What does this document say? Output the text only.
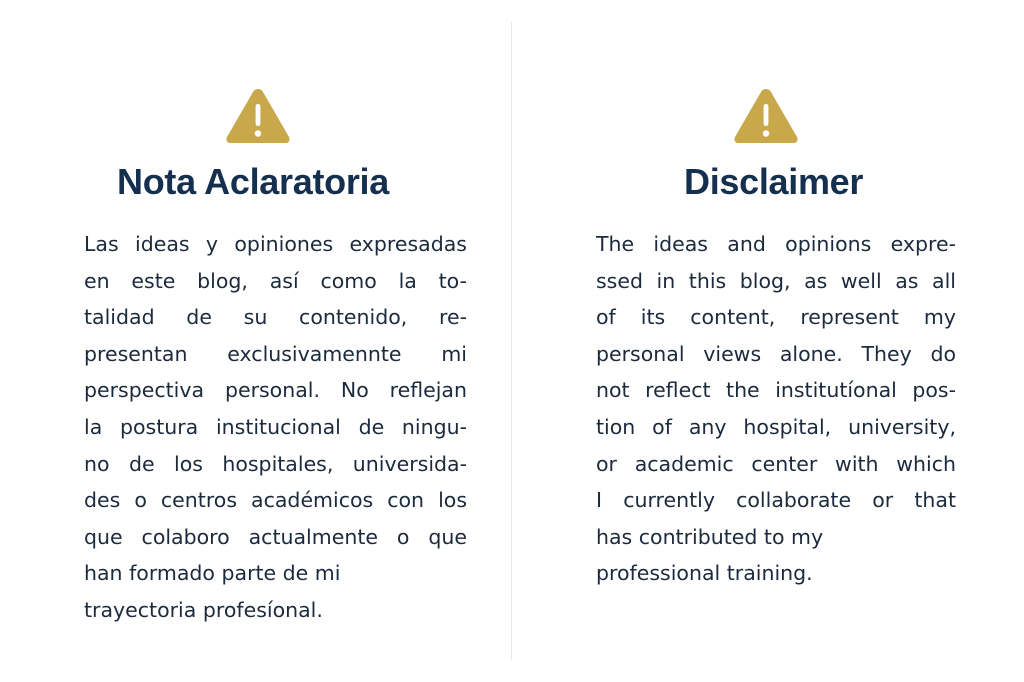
Nota Aclaratoria

Las ideas y opiniones expresadas
en este blog, así como la to-
talidad de su contenido, re-
presentan exclusivamennte mi
perspectiva personal. No reflejan
la postura institucional de ningu-
no de los hospitales, universida-
des o centros académicos con los
que colaboro actualmente o que
han formado parte de mi
trayectoria profesíonal.

Disclaimer

The ideas and opinions expre-
ssed in this blog, as well as all
of its content, represent my
personal views alone. They do
not reflect the institutíonal pos-
tion of any hospital, university,
or academic center with which
I currently collaborate or that
has contributed to my
professional training.
